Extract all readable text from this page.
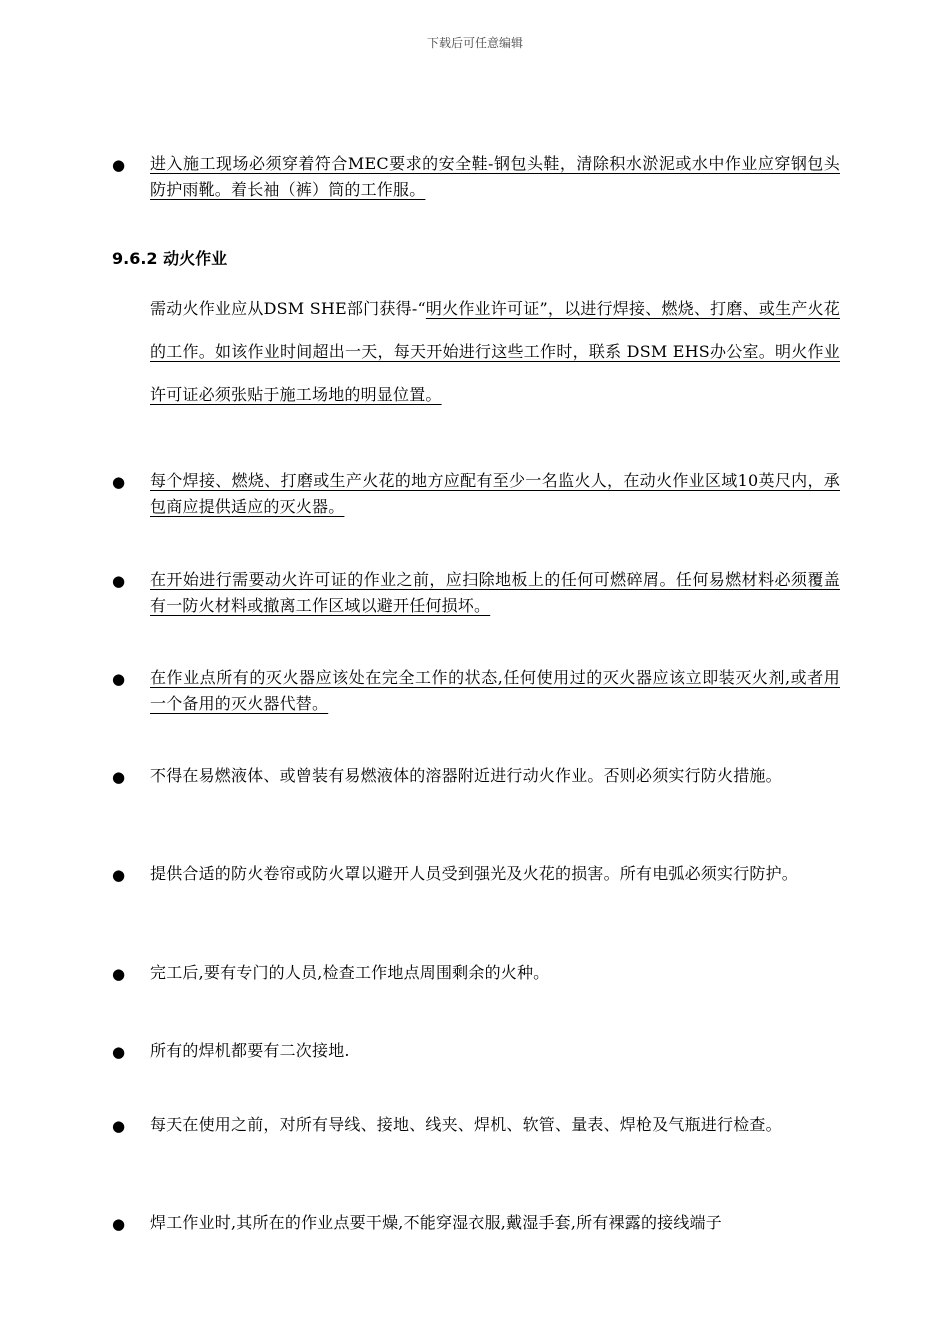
下载后可任意编辑
● 进入施工现场必须穿着符合MEC要求的安全鞋-钢包头鞋，清除积水淤泥或水中作业应穿钢包头防护雨靴。着长袖（裤）筒的工作服。
9.6.2 动火作业
需动火作业应从DSM SHE部门获得-“明火作业许可证”，以进行焊接、燃烧、打磨、或生产火花的工作。如该作业时间超出一天，每天开始进行这些工作时，联系 DSM EHS办公室。明火作业许可证必须张贴于施工场地的明显位置。
● 每个焊接、燃烧、打磨或生产火花的地方应配有至少一名监火人，在动火作业区域10英尺内，承包商应提供适应的灭火器。
● 在开始进行需要动火许可证的作业之前，应扫除地板上的任何可燃碎屑。任何易燃材料必须覆盖有一防火材料或撤离工作区域以避开任何损坏。
● 在作业点所有的灭火器应该处在完全工作的状态,任何使用过的灭火器应该立即装灭火剂,或者用一个备用的灭火器代替。
● 不得在易燃液体、或曾装有易燃液体的溶器附近进行动火作业。否则必须实行防火措施。
● 提供合适的防火卷帘或防火罩以避开人员受到强光及火花的损害。所有电弧必须实行防护。
● 完工后,要有专门的人员,检查工作地点周围剩余的火种。
● 所有的焊机都要有二次接地.
● 每天在使用之前，对所有导线、接地、线夹、焊机、软管、量表、焊枪及气瓶进行检查。
● 焊工作业时,其所在的作业点要干燥,不能穿湿衣服,戴湿手套,所有裸露的接线端子
